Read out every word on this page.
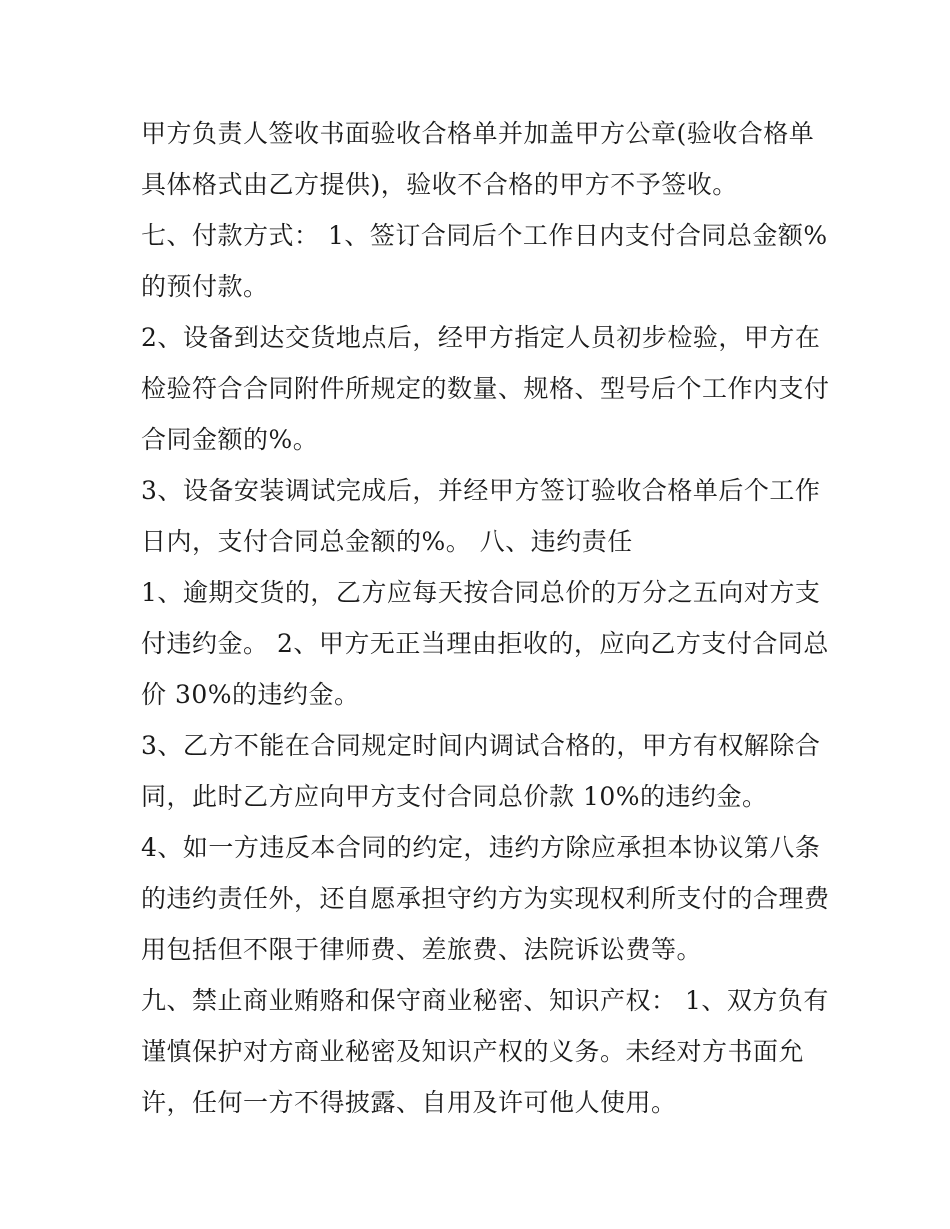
甲方负责人签收书面验收合格单并加盖甲方公章(验收合格单
具体格式由乙方提供)，验收不合格的甲方不予签收。
七、付款方式： 1、签订合同后个工作日内支付合同总金额%
的预付款。
2、设备到达交货地点后，经甲方指定人员初步检验，甲方在
检验符合合同附件所规定的数量、规格、型号后个工作内支付
合同金额的%。
3、设备安装调试完成后，并经甲方签订验收合格单后个工作
日内，支付合同总金额的%。 八、违约责任
1、逾期交货的，乙方应每天按合同总价的万分之五向对方支
付违约金。 2、甲方无正当理由拒收的，应向乙方支付合同总
价 30%的违约金。
3、乙方不能在合同规定时间内调试合格的，甲方有权解除合
同，此时乙方应向甲方支付合同总价款 10%的违约金。
4、如一方违反本合同的约定，违约方除应承担本协议第八条
的违约责任外，还自愿承担守约方为实现权利所支付的合理费
用包括但不限于律师费、差旅费、法院诉讼费等。
九、禁止商业贿赂和保守商业秘密、知识产权： 1、双方负有
谨慎保护对方商业秘密及知识产权的义务。未经对方书面允
许，任何一方不得披露、自用及许可他人使用。
